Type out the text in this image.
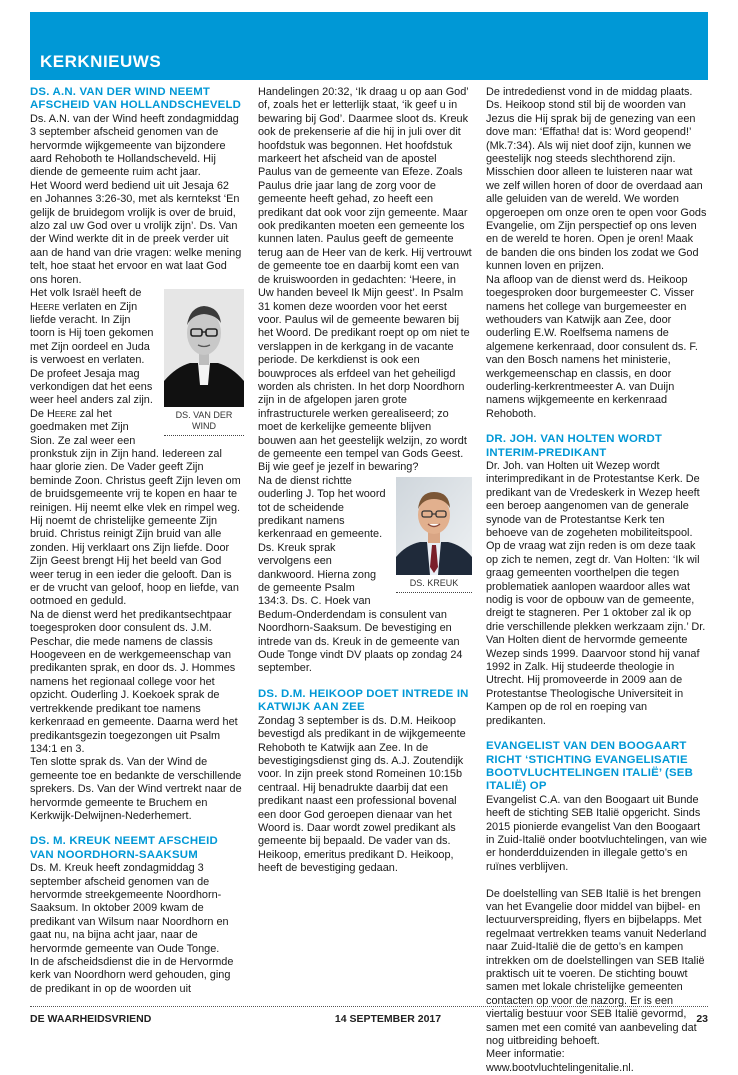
KERKNIEUWS
DS. A.N. VAN DER WIND NEEMT AFSCHEID VAN HOLLANDSCHEVELD

Ds. A.N. van der Wind heeft zondagmiddag 3 september afscheid genomen van de hervormde wijkgemeente van bijzondere aard Rehoboth te Hollandscheveld. Hij diende de gemeente ruim acht jaar.

Het Woord werd bediend uit uit Jesaja 62 en Johannes 3:26-30, met als kerntekst ‘En gelijk de bruidegom vrolijk is over de bruid, alzo zal uw God over u vrolijk zijn’. Ds. Van der Wind werkte dit in de preek verder uit aan de hand van drie vragen: welke mening telt, hoe staat het ervoor en wat laat God ons horen.

DS. VAN DER WIND

Het volk Israël heeft de Heere verlaten en Zijn liefde veracht. In Zijn toorn is Hij toen gekomen met Zijn oordeel en Juda is verwoest en verlaten. De profeet Jesaja mag verkondigen dat het eens weer heel anders zal zijn. De Heere zal het goedmaken met Zijn Sion. Ze zal weer een pronkstuk zijn in Zijn hand. Iedereen zal haar glorie zien. De Vader geeft Zijn beminde Zoon. Christus geeft Zijn leven om de bruidsgemeente vrij te kopen en haar te reinigen. Hij neemt elke vlek en rimpel weg. Hij noemt de christelijke gemeente Zijn bruid. Christus reinigt Zijn bruid van alle zonden. Hij verklaart ons Zijn liefde. Door Zijn Geest brengt Hij het beeld van God weer terug in een ieder die gelooft. Dan is er de vrucht van geloof, hoop en liefde, van ootmoed en geduld.

Na de dienst werd het predikantsechtpaar toegesproken door consulent ds. J.M. Peschar, die mede namens de classis Hoogeveen en de werkgemeenschap van predikanten sprak, en door ds. J. Hommes namens het regionaal college voor het opzicht. Ouderling J. Koekoek sprak de vertrekkende predikant toe namens kerkenraad en gemeente. Daarna werd het predikantsgezin toegezongen uit Psalm 134:1 en 3.

Ten slotte sprak ds. Van der Wind de gemeente toe en bedankte de verschillende sprekers. Ds. Van der Wind vertrekt naar de hervormde gemeente te Bruchem en Kerkwijk-Delwijnen-Nederhemert.

DS. M. KREUK NEEMT AFSCHEID VAN NOORDHORN-SAAKSUM

Ds. M. Kreuk heeft zondagmiddag 3 september afscheid genomen van de hervormde streekgemeente Noordhorn-Saaksum. In oktober 2009 kwam de predikant van Wilsum naar Noordhorn en gaat nu, na bijna acht jaar, naar de hervormde gemeente van Oude Tonge.

In de afscheidsdienst die in de Hervormde kerk van Noordhorn werd gehouden, ging de predikant in op de woorden uit

Handelingen 20:32, ‘Ik draag u op aan God’ of, zoals het er letterlijk staat, ‘ik geef u in bewaring bij God’. Daarmee sloot ds. Kreuk ook de prekenserie af die hij in juli over dit hoofdstuk was begonnen. Het hoofdstuk markeert het afscheid van de apostel Paulus van de gemeente van Efeze. Zoals Paulus drie jaar lang de zorg voor de gemeente heeft gehad, zo heeft een predikant dat ook voor zijn gemeente. Maar ook predikanten moeten een gemeente los kunnen laten. Paulus geeft de gemeente terug aan de Heer van de kerk. Hij vertrouwt de gemeente toe en daarbij komt een van de kruiswoorden in gedachten: ‘Heere, in Uw handen beveel Ik Mijn geest’. In Psalm 31 komen deze woorden voor het eerst voor. Paulus wil de gemeente bewaren bij het Woord. De predikant roept op om niet te verslappen in de kerkgang in de vacante periode. De kerkdienst is ook een bouwproces als erfdeel van het geheiligd worden als christen. In het dorp Noordhorn zijn in de afgelopen jaren grote infrastructurele werken gerealiseerd; zo moet de kerkelijke gemeente blijven bouwen aan het geestelijk welzijn, zo wordt de gemeente een tempel van Gods Geest. Bij wie geef je jezelf in bewaring?

DS. KREUK

Na de dienst richtte ouderling J. Top het woord tot de scheidende predikant namens kerkenraad en gemeente. Ds. Kreuk sprak vervolgens een dankwoord. Hierna zong de gemeente Psalm 134:3. Ds. C. Hoek van Bedum-Onderdendam is consulent van Noordhorn-Saaksum. De bevestiging en intrede van ds. Kreuk in de gemeente van Oude Tonge vindt DV plaats op zondag 24 september.

DS. D.M. HEIKOOP DOET INTREDE IN KATWIJK AAN ZEE

Zondag 3 september is ds. D.M. Heikoop bevestigd als predikant in de wijkgemeente Rehoboth te Katwijk aan Zee. In de bevestigingsdienst ging ds. A.J. Zoutendijk voor. In zijn preek stond Romeinen 10:15b centraal. Hij benadrukte daarbij dat een predikant naast een professional bovenal een door God geroepen dienaar van het Woord is. Daar wordt zowel predikant als gemeente bij bepaald. De vader van ds. Heikoop, emeritus predikant D. Heikoop, heeft de bevestiging gedaan.

De intrededienst vond in de middag plaats. Ds. Heikoop stond stil bij de woorden van Jezus die Hij sprak bij de genezing van een dove man: ‘Effatha! dat is: Word geopend!’ (Mk.7:34). Als wij niet doof zijn, kunnen we geestelijk nog steeds slechthorend zijn. Misschien door alleen te luisteren naar wat we zelf willen horen of door de overdaad aan alle geluiden van de wereld. We worden opgeroepen om onze oren te open voor Gods Evangelie, om Zijn perspectief op ons leven en de wereld te horen. Open je oren! Maak de banden die ons binden los zodat we God kunnen loven en prijzen.

Na afloop van de dienst werd ds. Heikoop toegesproken door burgemeester C. Visser namens het college van burgemeester en wethouders van Katwijk aan Zee, door ouderling E.W. Roelfsema namens de algemene kerkenraad, door consulent ds. F. van den Bosch namens het ministerie, werkgemeenschap en classis, en door ouderling-kerkrentmeester A. van Duijn namens wijkgemeente en kerkenraad Rehoboth.

DR. JOH. VAN HOLTEN WORDT INTERIM-PREDIKANT

Dr. Joh. van Holten uit Wezep wordt interimpredikant in de Protestantse Kerk. De predikant van de Vredeskerk in Wezep heeft een beroep aangenomen van de generale synode van de Protestantse Kerk ten behoeve van de zogeheten mobiliteitspool. Op de vraag wat zijn reden is om deze taak op zich te nemen, zegt dr. Van Holten: ‘Ik wil graag gemeenten voorthelpen die tegen problematiek aanlopen waardoor alles wat nodig is voor de opbouw van de gemeente, dreigt te stagneren. Per 1 oktober zal ik op drie verschillende plekken werkzaam zijn.’ Dr. Van Holten dient de hervormde gemeente Wezep sinds 1999. Daarvoor stond hij vanaf 1992 in Zalk. Hij studeerde theologie in Utrecht. Hij promoveerde in 2009 aan de Protestantse Theologische Universiteit in Kampen op de rol en roeping van predikanten.

EVANGELIST VAN DEN BOOGAART RICHT ‘STICHTING EVANGELISATIE BOOTVLUCHTELINGEN ITALIË’ (SEB ITALIË) OP

Evangelist C.A. van den Boogaart uit Bunde heeft de stichting SEB Italië opgericht. Sinds 2015 pionierde evangelist Van den Boogaart in Zuid-Italië onder bootvluchtelingen, van wie er honderdduizenden in illegale getto’s en ruïnes verblijven.

De doelstelling van SEB Italië is het brengen van het Evangelie door middel van bijbel- en lectuurverspreiding, flyers en bijbelapps. Met regelmaat vertrekken teams vanuit Nederland naar Zuid-Italië die de getto’s en kampen intrekken om de doelstellingen van SEB Italië praktisch uit te voeren. De stichting bouwt samen met lokale christelijke gemeenten contacten op voor de nazorg. Er is een viertalig bestuur voor SEB Italië gevormd, samen met een comité van aanbeveling dat nog uitbreiding behoeft.

Meer informatie:

www.bootvluchtelingenitalie.nl.

DE WAARHEIDSVRIEND	14 SEPTEMBER 2017	23
